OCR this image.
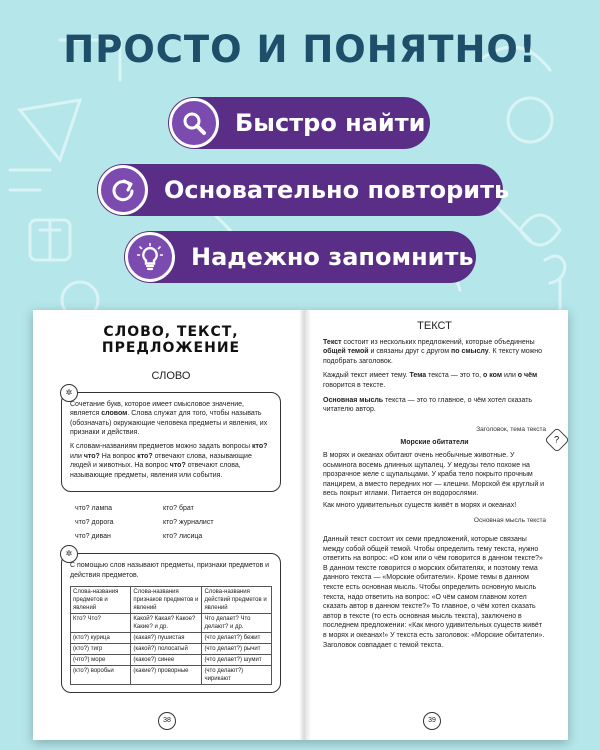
ПРОСТО И ПОНЯТНО!
Быстро найти
Основательно повторить
Надежно запомнить
СЛОВО, ТЕКСТ,
ПРЕДЛОЖЕНИЕ
СЛОВО
✲

Сочетание букв, которое имеет смысловое значение, является словом. Слова служат для того, чтобы называть (обозначать) окружающие человека предметы и явления, их признаки и действия.

К словам-названиям предметов можно задать вопросы кто? или что? На вопрос кто? отвечают слова, называющие людей и животных. На вопрос что? отвечают слова, называющие предметы, явления или события.

что? лампа	кто? брат
что? дорога	кто? журналист
что? диван	кто? лисица
✲

С помощью слов называют предметы, признаки предметов и действия предметов.

Слова-названия предметов и явлений	Слова-названия признаков предметов и явлений	Слова-названия действий предметов и явлений
Кто? Что?	Какой? Какая? Какое? Какие? и др.	Что делает? Что делают? и др.
(кто?) курица	(какая?) пушистая	(что делает?) бежит
(кто?) тигр	(какой?) полосатый	(что делает?) рычит
(что?) море	(какое?) синее	(что делает?) шумит
(кто?) воробьи	(какие?) проворные	(что делают?) чирикают
38
ТЕКСТ

Текст состоит из нескольких предложений, которые объединены общей темой и связаны друг с другом по смыслу. К тексту можно подобрать заголовок.

Каждый текст имеет тему. Тема текста — это то, о ком или о чём говорится в тексте.

Основная мысль текста — это то главное, о чём хотел сказать читателю автор.

Заголовок, тема текста
Морские обитатели

В морях и океанах обитают очень необычные животные. У осьминога восемь длинных щупалец. У медузы тело похоже на прозрачное желе с щупальцами. У краба тело покрыто прочным панцирем, а вместо передних ног — клешни. Морской ёж круглый и весь покрыт иглами. Питается он водорослями.

Как много удивительных существ живёт в морях и океанах!

Основная мысль текста

Данный текст состоит их семи предложений, которые связаны между собой общей темой. Чтобы определить тему текста, нужно ответить на вопрос: «О ком или о чём говорится в данном тексте?» В данном тексте говорится о морских обитателях, и поэтому тема данного текста — «Морские обитатели». Кроме темы в данном тексте есть основная мысль. Чтобы определить основную мысль текста, надо ответить на вопрос: «О чём самом главном хотел сказать автор в данном тексте?» То главное, о чём хотел сказать автор в тексте (то есть основная мысль текста), заключено в последнем предложении: «Как много удивительных существ живёт в морях и океанах!» У текста есть заголовок: «Морские обитатели». Заголовок совпадает с темой текста.

39
?
